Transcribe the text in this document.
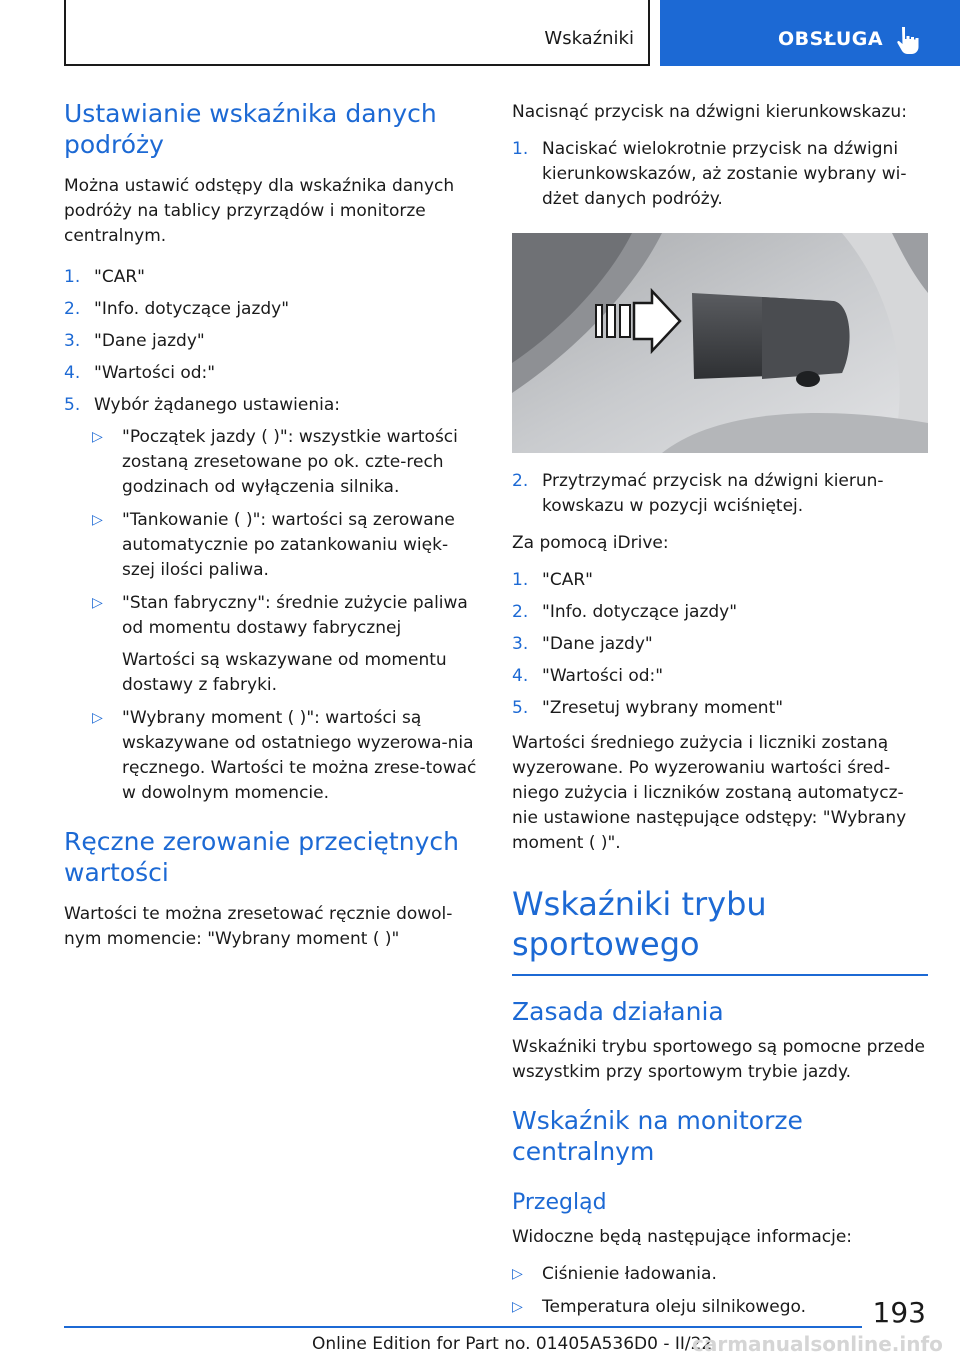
Wskaźniki	OBSŁUGA
Ustawianie wskaźnika danych podróży
Można ustawić odstępy dla wskaźnika danych podróży na tablicy przyrządów i monitorze centralnym.
1. "CAR"
2. "Info. dotyczące jazdy"
3. "Dane jazdy"
4. "Wartości od:"
5. Wybór żądanego ustawienia:
▷ "Początek jazdy ( )": wszystkie wartości zostaną zresetowane po ok. czte‐rech godzinach od wyłączenia silnika.
▷ "Tankowanie ( )": wartości są zerowane automatycznie po zatankowaniu więk‐szej ilości paliwa.
▷ "Stan fabryczny": średnie zużycie paliwa od momentu dostawy fabrycznej
Wartości są wskazywane od momentu dostawy z fabryki.
▷ "Wybrany moment ( )": wartości są wskazywane od ostatniego wyzerowa‐nia ręcznego. Wartości te można zrese‐tować w dowolnym momencie.
Ręczne zerowanie przeciętnych wartości
Wartości te można zresetować ręcznie dowol‐nym momencie: "Wybrany moment ( )"
Nacisnąć przycisk na dźwigni kierunkowskazu:
1. Naciskać wielokrotnie przycisk na dźwigni kierunkowskazów, aż zostanie wybrany wi‐dżet danych podróży.
2. Przytrzymać przycisk na dźwigni kierun‐kowskazu w pozycji wciśniętej.
Za pomocą iDrive:
1. "CAR"
2. "Info. dotyczące jazdy"
3. "Dane jazdy"
4. "Wartości od:"
5. "Zresetuj wybrany moment"
Wartości średniego zużycia i liczniki zostaną wyzerowane. Po wyzerowaniu wartości śred‐niego zużycia i liczników zostaną automatycz‐nie ustawione następujące odstępy: "Wybrany moment ( )".
Wskaźniki trybu sportowego
Zasada działania
Wskaźniki trybu sportowego są pomocne przede wszystkim przy sportowym trybie jazdy.
Wskaźnik na monitorze centralnym
Przegląd
Widoczne będą następujące informacje:
▷ Ciśnienie ładowania.
▷ Temperatura oleju silnikowego.	193
Online Edition for Part no. 01405A536D0 - II/22
carmanualsonline.info
